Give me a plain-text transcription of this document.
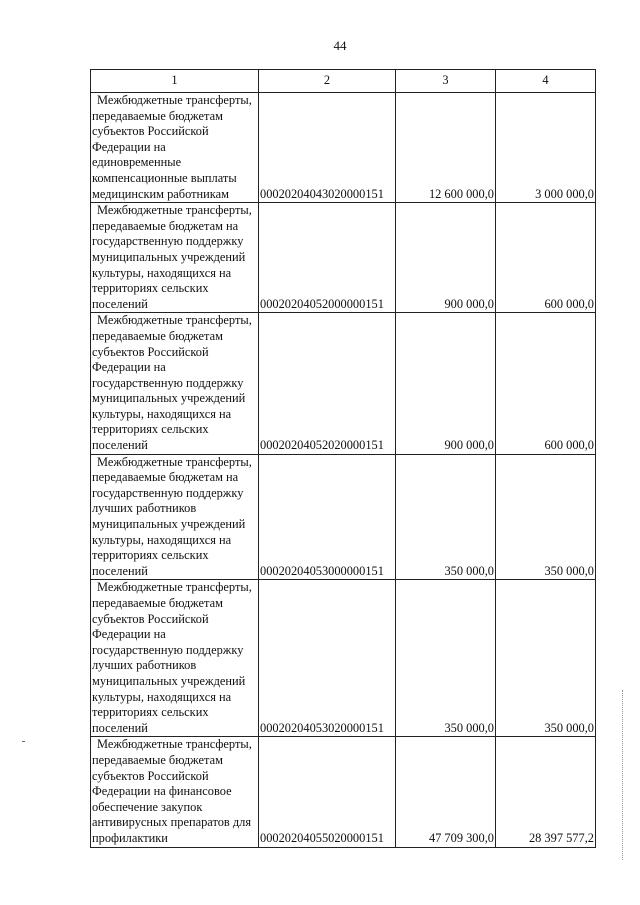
44
1	2	3	4
Межбюджетные трансферты, передаваемые бюджетам субъектов Российской Федерации на единовременные компенсационные выплаты медицинским работникам	00020204043020000151	12 600 000,0	3 000 000,0
Межбюджетные трансферты, передаваемые бюджетам на государственную поддержку муниципальных учреждений культуры, находящихся на территориях сельских поселений	00020204052000000151	900 000,0	600 000,0
Межбюджетные трансферты, передаваемые бюджетам субъектов Российской Федерации на государственную поддержку муниципальных учреждений культуры, находящихся на территориях сельских поселений	00020204052020000151	900 000,0	600 000,0
Межбюджетные трансферты, передаваемые бюджетам на государственную поддержку лучших работников муниципальных учреждений культуры, находящихся на территориях сельских поселений	00020204053000000151	350 000,0	350 000,0
Межбюджетные трансферты, передаваемые бюджетам субъектов Российской Федерации на государственную поддержку лучших работников муниципальных учреждений культуры, находящихся на территориях сельских поселений	00020204053020000151	350 000,0	350 000,0
Межбюджетные трансферты, передаваемые бюджетам субъектов Российской Федерации на финансовое обеспечение закупок антивирусных препаратов для профилактики	00020204055020000151	47 709 300,0	28 397 577,2
